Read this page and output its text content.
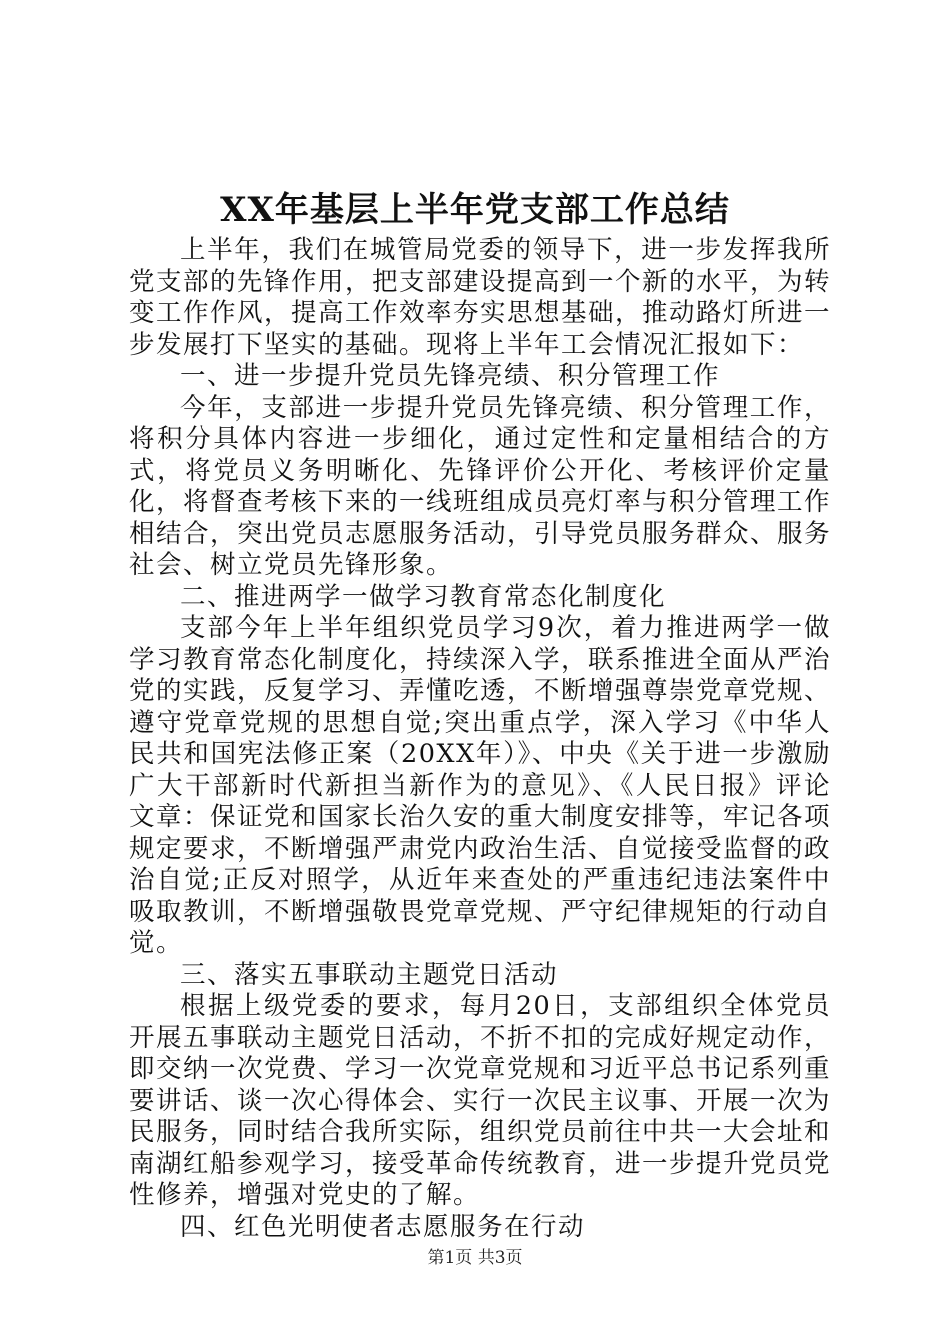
XX年基层上半年党支部工作总结

上半年，我们在城管局党委的领导下，进一步发挥我所党支部的先锋作用，把支部建设提高到一个新的水平，为转变工作作风，提高工作效率夯实思想基础，推动路灯所进一步发展打下坚实的基础。现将上半年工会情况汇报如下：

一、进一步提升党员先锋亮绩、积分管理工作

今年，支部进一步提升党员先锋亮绩、积分管理工作，将积分具体内容进一步细化，通过定性和定量相结合的方式，将党员义务明晰化、先锋评价公开化、考核评价定量化，将督查考核下来的一线班组成员亮灯率与积分管理工作相结合，突出党员志愿服务活动，引导党员服务群众、服务社会、树立党员先锋形象。

二、推进两学一做学习教育常态化制度化

支部今年上半年组织党员学习9次，着力推进两学一做学习教育常态化制度化，持续深入学，联系推进全面从严治党的实践，反复学习、弄懂吃透，不断增强尊崇党章党规、遵守党章党规的思想自觉;突出重点学，深入学习《中华人民共和国宪法修正案（20XX年）》、中央《关于进一步激励广大干部新时代新担当新作为的意见》、《人民日报》评论文章：保证党和国家长治久安的重大制度安排等，牢记各项规定要求，不断增强严肃党内政治生活、自觉接受监督的政治自觉;正反对照学，从近年来查处的严重违纪违法案件中吸取教训，不断增强敬畏党章党规、严守纪律规矩的行动自觉。

三、落实五事联动主题党日活动

根据上级党委的要求，每月20日，支部组织全体党员开展五事联动主题党日活动，不折不扣的完成好规定动作，即交纳一次党费、学习一次党章党规和习近平总书记系列重要讲话、谈一次心得体会、实行一次民主议事、开展一次为民服务，同时结合我所实际，组织党员前往中共一大会址和南湖红船参观学习，接受革命传统教育，进一步提升党员党性修养，增强对党史的了解。

四、红色光明使者志愿服务在行动

第1页 共3页
